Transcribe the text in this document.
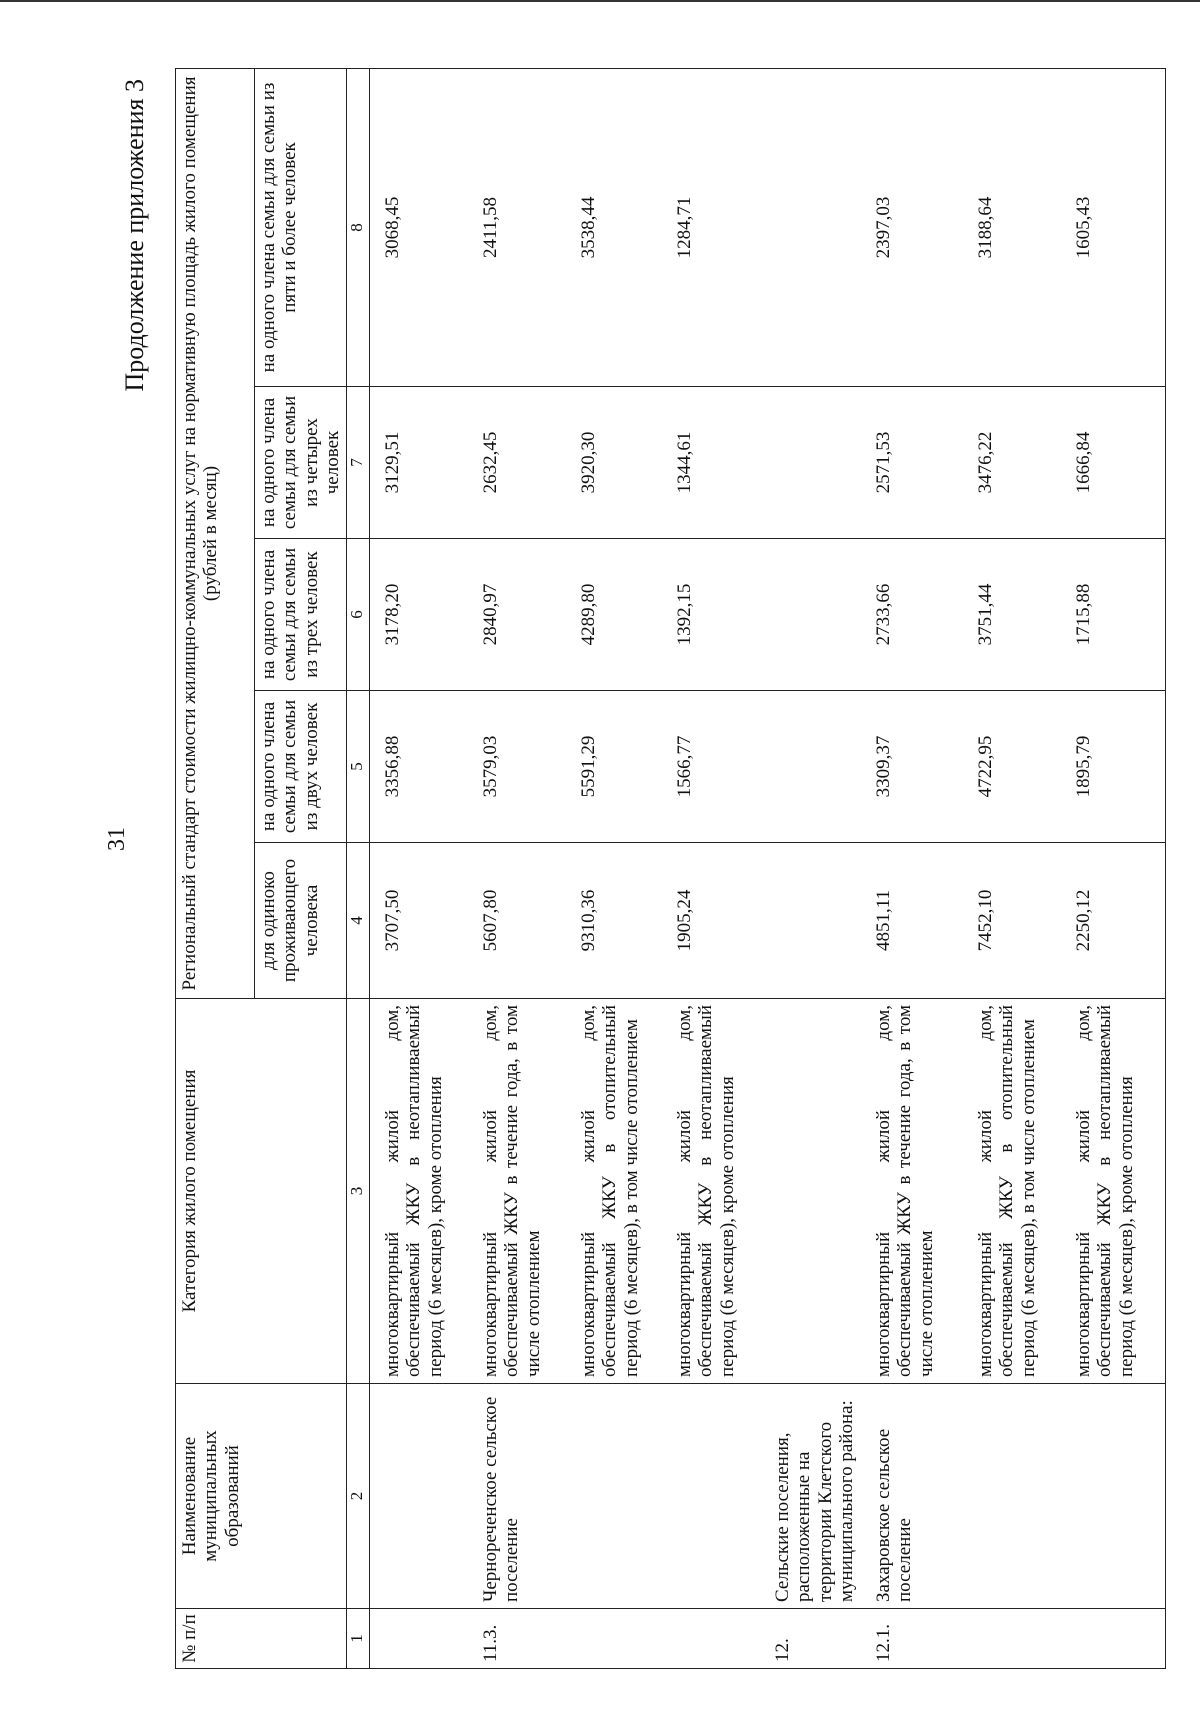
31
Продолжение приложения 3
№ п/п	Наименование муниципальных образований	Категория жилого помещения	Региональный стандарт стоимости жилищно-коммунальных услуг на нормативную площадь жилого помещения (рублей в месяц)				
			для одиноко проживающего человека	на одного члена семьи для семьи из двух человек	на одного члена семьи для семьи из трех человек	на одного члена семьи для семьи из четырех человек	на одного члена семьи для семьи из пяти и более человек
1	2	3	4	5	6	7	8
		многоквартирный жилой дом, обеспечиваемый ЖКУ в неотапливаемый период (6 месяцев), кроме отопления	3707,50	3356,88	3178,20	3129,51	3068,45
11.3.	Чернореченское сельское поселение	многоквартирный жилой дом, обеспечиваемый ЖКУ в течение года, в том числе отоплением	5607,80	3579,03	2840,97	2632,45	2411,58
		многоквартирный жилой дом, обеспечиваемый ЖКУ в отопительный период (6 месяцев), в том числе отоплением	9310,36	5591,29	4289,80	3920,30	3538,44
		многоквартирный жилой дом, обеспечиваемый ЖКУ в неотапливаемый период (6 месяцев), кроме отопления	1905,24	1566,77	1392,15	1344,61	1284,71
12.	Сельские поселения, расположенные на территории Клетского муниципального района:						
12.1.	Захаровское сельское поселение	многоквартирный жилой дом, обеспечиваемый ЖКУ в течение года, в том числе отоплением	4851,11	3309,37	2733,66	2571,53	2397,03
		многоквартирный жилой дом, обеспечиваемый ЖКУ в отопительный период (6 месяцев), в том числе отоплением	7452,10	4722,95	3751,44	3476,22	3188,64
		многоквартирный жилой дом, обеспечиваемый ЖКУ в неотапливаемый период (6 месяцев), кроме отопления	2250,12	1895,79	1715,88	1666,84	1605,43
